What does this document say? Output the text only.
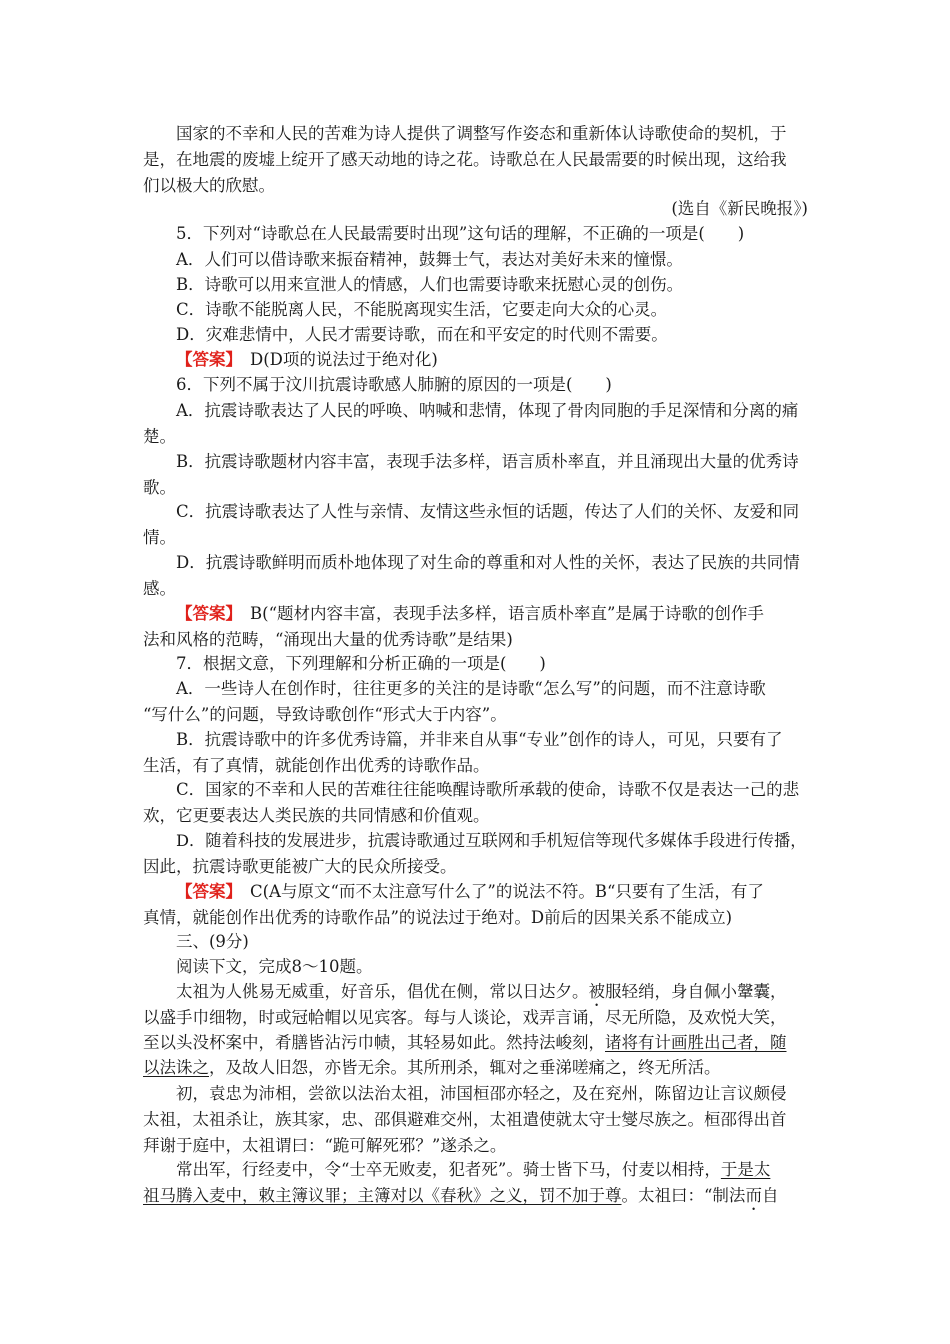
国家的不幸和人民的苦难为诗人提供了调整写作姿态和重新体认诗歌使命的契机，于

是，在地震的废墟上绽开了感天动地的诗之花。诗歌总在人民最需要的时候出现，这给我

们以极大的欣慰。

(选自《新民晚报》)

5．下列对“诗歌总在人民最需要时出现”这句话的理解，不正确的一项是(　　)

A．人们可以借诗歌来振奋精神，鼓舞士气，表达对美好未来的憧憬。

B．诗歌可以用来宣泄人的情感，人们也需要诗歌来抚慰心灵的创伤。

C．诗歌不能脱离人民，不能脱离现实生活，它要走向大众的心灵。

D．灾难悲情中，人民才需要诗歌，而在和平安定的时代则不需要。

【答案】 D(D项的说法过于绝对化)

6．下列不属于汶川抗震诗歌感人肺腑的原因的一项是(　　)

A．抗震诗歌表达了人民的呼唤、呐喊和悲情，体现了骨肉同胞的手足深情和分离的痛

楚。

B．抗震诗歌题材内容丰富，表现手法多样，语言质朴率直，并且涌现出大量的优秀诗

歌。

C．抗震诗歌表达了人性与亲情、友情这些永恒的话题，传达了人们的关怀、友爱和同

情。

D．抗震诗歌鲜明而质朴地体现了对生命的尊重和对人性的关怀，表达了民族的共同情

感。

【答案】 B(“题材内容丰富，表现手法多样，语言质朴率直”是属于诗歌的创作手

法和风格的范畴，“涌现出大量的优秀诗歌”是结果)

7．根据文意，下列理解和分析正确的一项是(　　)

A．一些诗人在创作时，往往更多的关注的是诗歌“怎么写”的问题，而不注意诗歌

“写什么”的问题，导致诗歌创作“形式大于内容”。

B．抗震诗歌中的许多优秀诗篇，并非来自从事“专业”创作的诗人，可见，只要有了

生活，有了真情，就能创作出优秀的诗歌作品。

C．国家的不幸和人民的苦难往往能唤醒诗歌所承载的使命，诗歌不仅是表达一己的悲

欢，它更要表达人类民族的共同情感和价值观。

D．随着科技的发展进步，抗震诗歌通过互联网和手机短信等现代多媒体手段进行传播，

因此，抗震诗歌更能被广大的民众所接受。

【答案】 C(A与原文“而不太注意写什么了”的说法不符。B“只要有了生活，有了

真情，就能创作出优秀的诗歌作品”的说法过于绝对。D前后的因果关系不能成立)

三、(9分)

阅读下文，完成8～10题。

太祖为人佻易无威重，好音乐，倡优在侧，常以日达夕。被服轻绡，身自佩小鞶囊，

以盛手巾细物，时或冠帢帽以见宾客。每与人谈论，戏弄言诵，尽无所隐，及欢悦大笑，

至以头没杯案中，肴膳皆沾污巾帻，其轻易如此。然持法峻刻，诸将有计画胜出己者，随

以法诛之，及故人旧怨，亦皆无余。其所刑杀，辄对之垂涕嗟痛之，终无所活。

初，袁忠为沛相，尝欲以法治太祖，沛国桓邵亦轻之，及在兖州，陈留边让言议颇侵

太祖，太祖杀让，族其家，忠、邵俱避难交州，太祖遣使就太守士燮尽族之。桓邵得出首

拜谢于庭中，太祖谓曰：“跪可解死邪？”遂杀之。

常出军，行经麦中，令“士卒无败麦，犯者死”。骑士皆下马，付麦以相持，于是太

祖马腾入麦中，敕主簿议罪；主簿对以《春秋》之义，罚不加于尊。太祖曰：“制法而自
